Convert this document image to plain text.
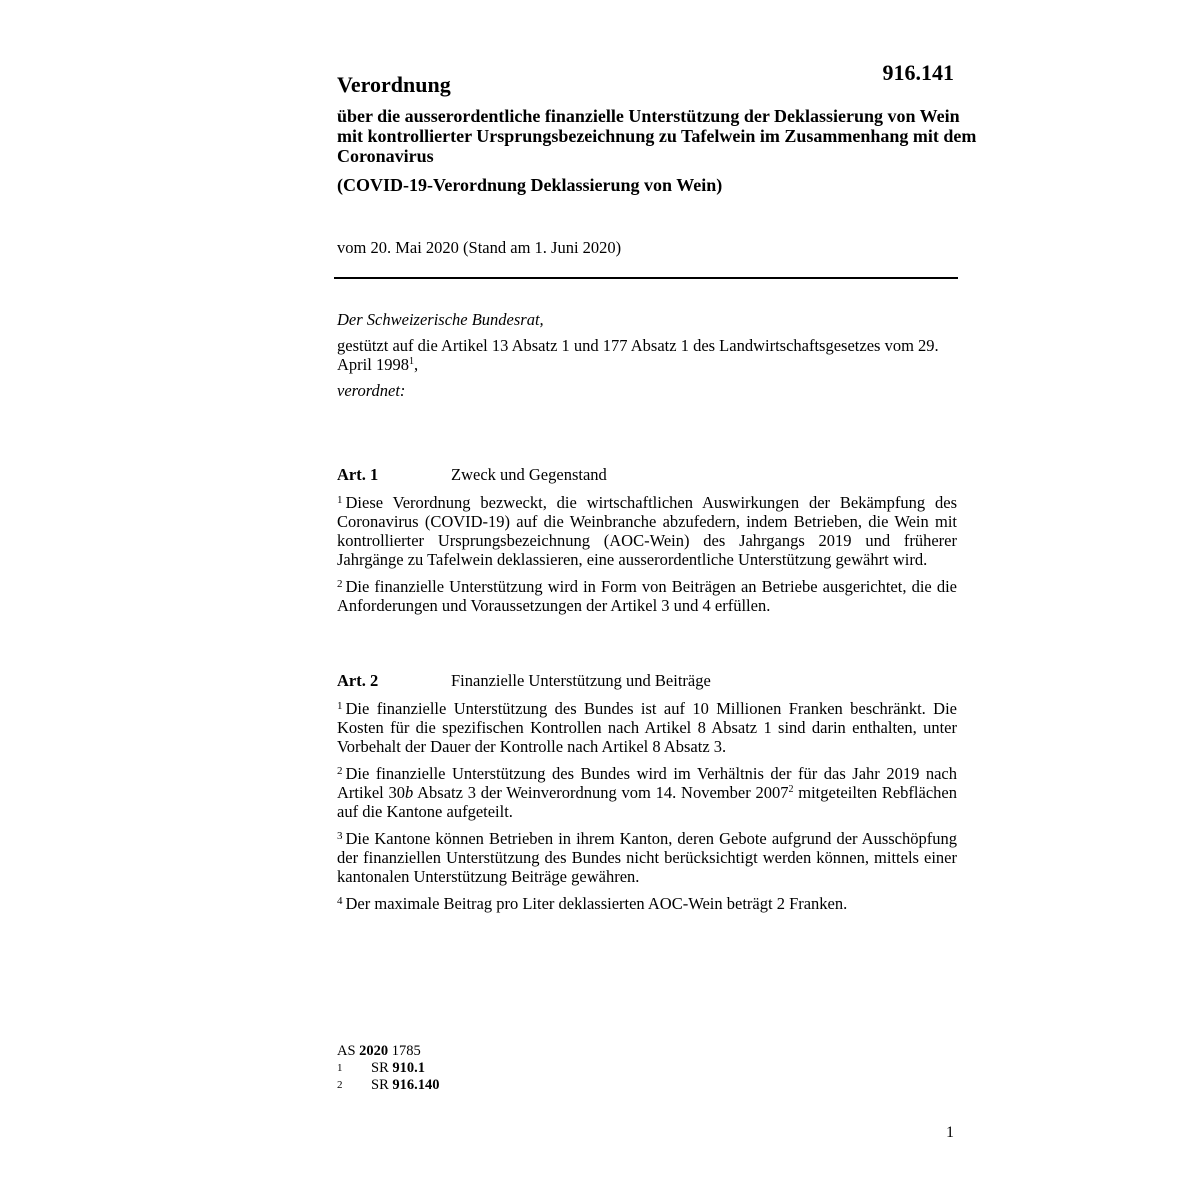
916.141
Verordnung
über die ausserordentliche finanzielle Unterstützung der Deklassierung von Wein mit kontrollierter Ursprungsbezeichnung zu Tafelwein im Zusammenhang mit dem Coronavirus
(COVID-19-Verordnung Deklassierung von Wein)
vom 20. Mai 2020 (Stand am 1. Juni 2020)

Der Schweizerische Bundesrat,

gestützt auf die Artikel 13 Absatz 1 und 177 Absatz 1 des Landwirtschaftsgesetzes vom 29. April 1998$^1$,

verordnet:

Art. 1	Zweck und Gegenstand

$^1$ Diese Verordnung bezweckt, die wirtschaftlichen Auswirkungen der Bekämpfung des Coronavirus (COVID-19) auf die Weinbranche abzufedern, indem Betrieben, die Wein mit kontrollierter Ursprungsbezeichnung (AOC-Wein) des Jahrgangs 2019 und früherer Jahrgänge zu Tafelwein deklassieren, eine ausserordentliche Unterstützung gewährt wird.

$^2$ Die finanzielle Unterstützung wird in Form von Beiträgen an Betriebe ausgerichtet, die die Anforderungen und Voraussetzungen der Artikel 3 und 4 erfüllen.

Art. 2	Finanzielle Unterstützung und Beiträge

$^1$ Die finanzielle Unterstützung des Bundes ist auf 10 Millionen Franken beschränkt. Die Kosten für die spezifischen Kontrollen nach Artikel 8 Absatz 1 sind darin enthalten, unter Vorbehalt der Dauer der Kontrolle nach Artikel 8 Absatz 3.

$^2$ Die finanzielle Unterstützung des Bundes wird im Verhältnis der für das Jahr 2019 nach Artikel 30b Absatz 3 der Weinverordnung vom 14. November 2007$^2$ mitgeteilten Rebflächen auf die Kantone aufgeteilt.

$^3$ Die Kantone können Betrieben in ihrem Kanton, deren Gebote aufgrund der Ausschöpfung der finanziellen Unterstützung des Bundes nicht berücksichtigt werden können, mittels einer kantonalen Unterstützung Beiträge gewähren.

$^4$ Der maximale Beitrag pro Liter deklassierten AOC-Wein beträgt 2 Franken.

AS 2020 1785
1	SR 910.1
2	SR 916.140
1
